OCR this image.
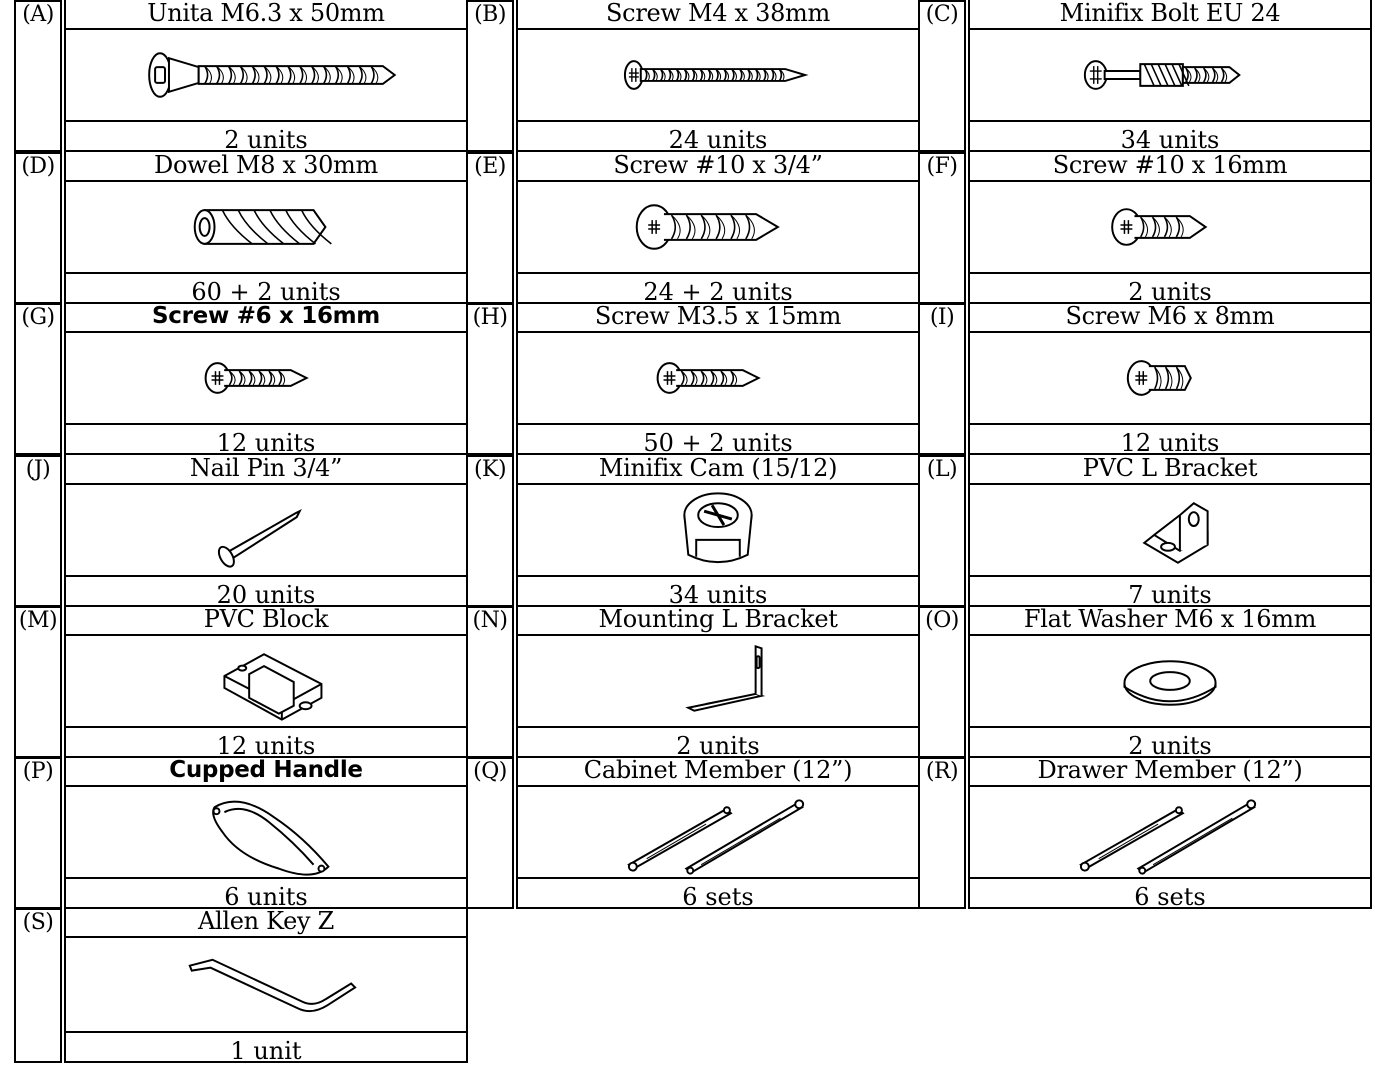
(A)	Unita M6.3 x 50mm
2 units
(B)	Screw M4 x 38mm
24 units
(C)	Minifix Bolt EU 24
34 units
(D)	Dowel M8 x 30mm
60 + 2 units
(E)	Screw #10 x 3/4”
24 + 2 units
(F)	Screw #10 x 16mm
2 units
(G)	Screw #6 x 16mm
12 units
(H)	Screw M3.5 x 15mm
50 + 2 units
(I)	Screw M6 x 8mm
12 units
(J)	Nail Pin 3/4”
20 units
(K)	Minifix Cam (15/12)
34 units
(L)	PVC L Bracket
7 units
(M)	PVC Block
12 units
(N)	Mounting L Bracket
2 units
(O)	Flat Washer M6 x 16mm
2 units
(P)	Cupped Handle
6 units
(Q)	Cabinet Member (12”)
6 sets
(R)	Drawer Member (12”)
6 sets
(S)	Allen Key Z
1 unit
